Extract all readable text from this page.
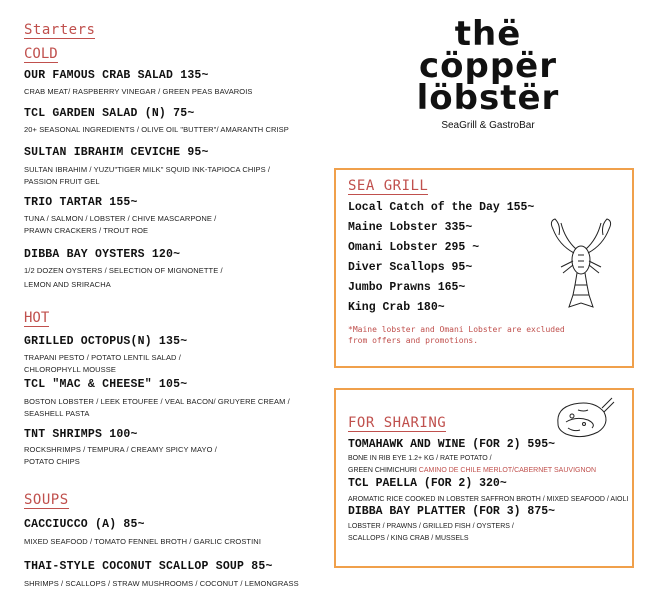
Starters
COLD
OUR FAMOUS CRAB SALAD 135~
CRAB MEAT/ RASPBERRY VINEGAR / GREEN PEAS BAVAROIS
TCL GARDEN SALAD (N) 75~
20+ SEASONAL INGREDIENTS / OLIVE OIL "BUTTER"/ AMARANTH CRISP
SULTAN IBRAHIM CEVICHE 95~
SULTAN IBRAHIM / YUZU"TIGER MILK" SQUID INK-TAPIOCA CHIPS /
PASSION FRUIT GEL
TRIO TARTAR 155~
TUNA / SALMON / LOBSTER / CHIVE MASCARPONE /
PRAWN CRACKERS / TROUT ROE
DIBBA BAY OYSTERS 120~
1/2 DOZEN OYSTERS / SELECTION OF MIGNONETTE /
LEMON AND SRIRACHA
HOT
GRILLED OCTOPUS(N) 135~
TRAPANI PESTO / POTATO LENTIL SALAD /
CHLOROPHYLL MOUSSE
TCL "MAC & CHEESE" 105~
BOSTON LOBSTER / LEEK ETOUFEE / VEAL BACON/ GRUYERE CREAM /
SEASHELL PASTA
TNT SHRIMPS 100~
ROCKSHRIMPS / TEMPURA / CREAMY SPICY MAYO /
POTATO CHIPS
SOUPS
CACCIUCCO (A) 85~
MIXED SEAFOOD / TOMATO FENNEL BROTH / GARLIC CROSTINI
THAI-STYLE COCONUT SCALLOP SOUP 85~
SHRIMPS / SCALLOPS / STRAW MUSHROOMS / COCONUT / LEMONGRASS
thë
cöppër
löbstër
SeaGrill & GastroBar
SEA GRILL
Local Catch of the Day 155~
Maine Lobster 335~
Omani Lobster 295 ~
Diver Scallops 95~
Jumbo Prawns 165~
King Crab 180~
*Maine lobster and Omani Lobster are excluded
from offers and promotions.
FOR SHARING
TOMAHAWK AND WINE (FOR 2) 595~
BONE IN RIB EYE 1.2+ KG / RATE POTATO /
GREEN CHIMICHURI CAMINO DE CHILE MERLOT/CABERNET SAUVIGNON
TCL PAELLA (FOR 2) 320~
AROMATIC RICE COOKED IN LOBSTER SAFFRON BROTH / MIXED SEAFOOD / AIOLI
DIBBA BAY PLATTER (FOR 3) 875~
LOBSTER / PRAWNS / GRILLED FISH / OYSTERS /
SCALLOPS / KING CRAB / MUSSELS
